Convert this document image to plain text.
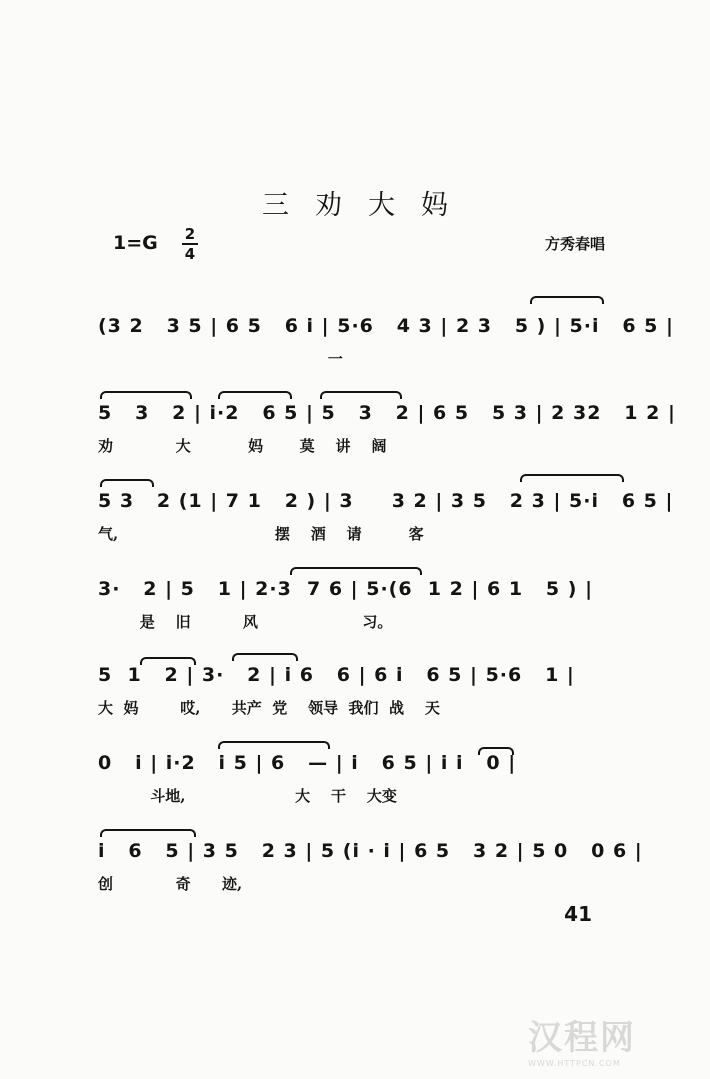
三劝大妈
1=G 2
4
方秀春唱
(3 2   3 5 | 6 5   6 i | 5·6   4 3 | 2 3   5 ) | 5·i   6 5 |
一
5   3   2 | i·2   6 5 | 5   3   2 | 6 5   5 3 | 2 32   1 2 |
劝            大           妈       莫    讲    阔
5 3   2 (1 | 7 1   2 ) | 3     3 2 | 3 5   2 3 | 5·i   6 5 |
气,                              摆    酒    请         客
3·   2 | 5   1 | 2·3  7 6 | 5·(6  1 2 | 6 1   5 ) |
是    旧          风                    习。
5  1   2 | 3·   2 | i 6   6 | 6 i   6 5 | 5·6   1 |
大  妈        哎,      共产  党    领导  我们  战    天
0   i | i·2   i 5 | 6   — | i   6 5 | i i   0 |
斗地,                     大    干    大变
i   6   5 | 3 5   2 3 | 5 (i · i | 6 5   3 2 | 5 0   0 6 |
创            奇      迹,
41
汉程网
WWW.HTTPCN.COM
